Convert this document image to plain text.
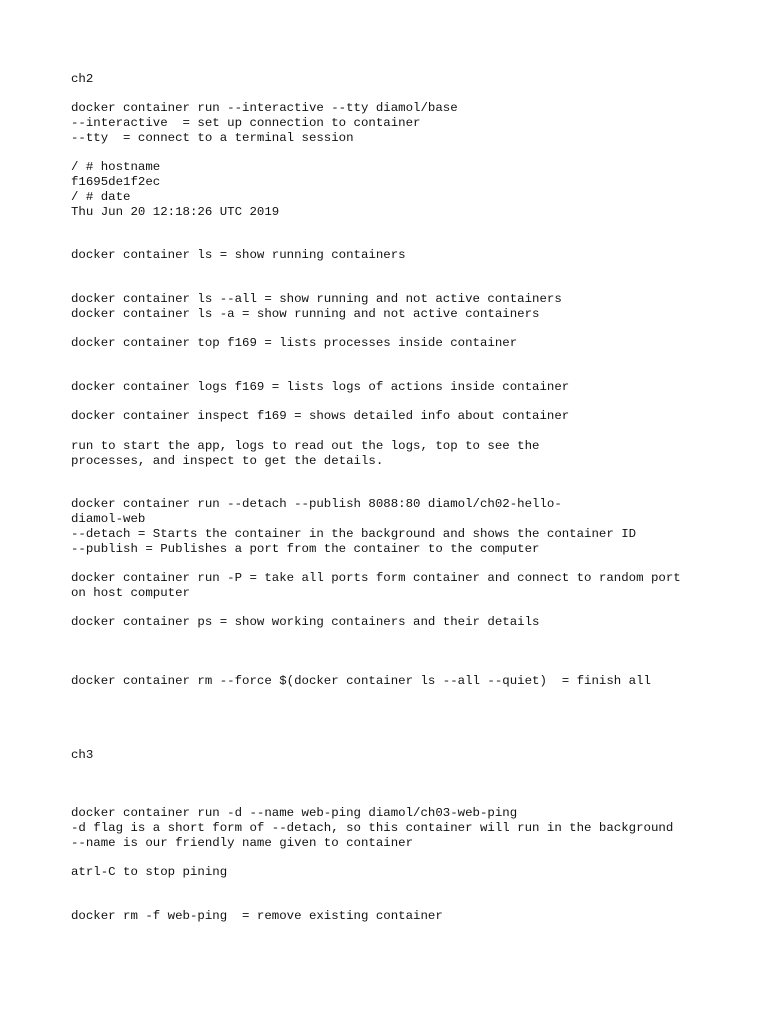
ch2

docker container run --interactive --tty diamol/base

--interactive  = set up connection to container

--tty  = connect to a terminal session

/ # hostname

f1695de1f2ec

/ # date

Thu Jun 20 12:18:26 UTC 2019

docker container ls = show running containers

docker container ls --all = show running and not active containers

docker container ls -a = show running and not active containers

docker container top f169 = lists processes inside container

docker container logs f169 = lists logs of actions inside container

docker container inspect f169 = shows detailed info about container

run to start the app, logs to read out the logs, top to see the

processes, and inspect to get the details.

docker container run --detach --publish 8088:80 diamol/ch02-hello-

diamol-web

--detach = Starts the container in the background and shows the container ID

--publish = Publishes a port from the container to the computer

docker container run -P = take all ports form container and connect to random port

on host computer

docker container ps = show working containers and their details

docker container rm --force $(docker container ls --all --quiet)  = finish all

ch3

docker container run -d --name web-ping diamol/ch03-web-ping

-d flag is a short form of --detach, so this container will run in the background

--name is our friendly name given to container

atrl-C to stop pining

docker rm -f web-ping  = remove existing container
